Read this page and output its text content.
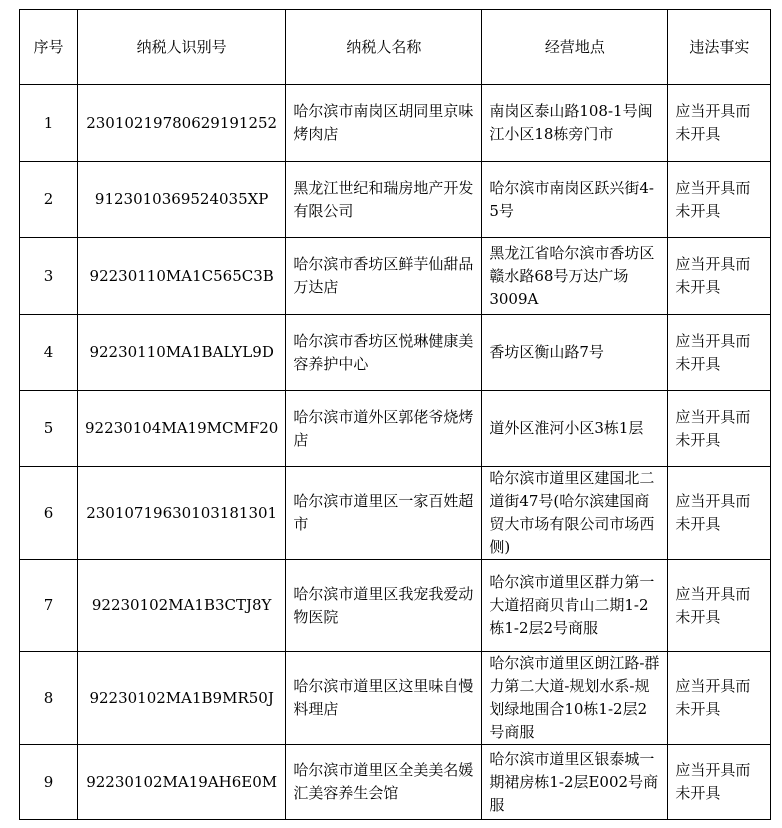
序号	纳税人识别号	纳税人名称	经营地点	违法事实
1	23010219780629191252	哈尔滨市南岗区胡同里京味烤肉店	南岗区泰山路108-1号闽江小区18栋旁门市	应当开具而未开具
2	9123010369524035XP	黑龙江世纪和瑞房地产开发有限公司	哈尔滨市南岗区跃兴街4-5号	应当开具而未开具
3	92230110MA1C565C3B	哈尔滨市香坊区鲜芋仙甜品万达店	黑龙江省哈尔滨市香坊区赣水路68号万达广场3009A	应当开具而未开具
4	92230110MA1BALYL9D	哈尔滨市香坊区悦琳健康美容养护中心	香坊区衡山路7号	应当开具而未开具
5	92230104MA19MCMF20	哈尔滨市道外区郭佬爷烧烤店	道外区淮河小区3栋1层	应当开具而未开具
6	23010719630103181301	哈尔滨市道里区一家百姓超市	哈尔滨市道里区建国北二道街47号(哈尔滨建国商贸大市场有限公司市场西侧)	应当开具而未开具
7	92230102MA1B3CTJ8Y	哈尔滨市道里区我宠我爱动物医院	哈尔滨市道里区群力第一大道招商贝肯山二期1-2栋1-2层2号商服	应当开具而未开具
8	92230102MA1B9MR50J	哈尔滨市道里区这里味自慢料理店	哈尔滨市道里区朗江路-群力第二大道-规划水系-规划绿地围合10栋1-2层2号商服	应当开具而未开具
9	92230102MA19AH6E0M	哈尔滨市道里区全美美名媛汇美容养生会馆	哈尔滨市道里区银泰城一期裙房栋1-2层E002号商服	应当开具而未开具
